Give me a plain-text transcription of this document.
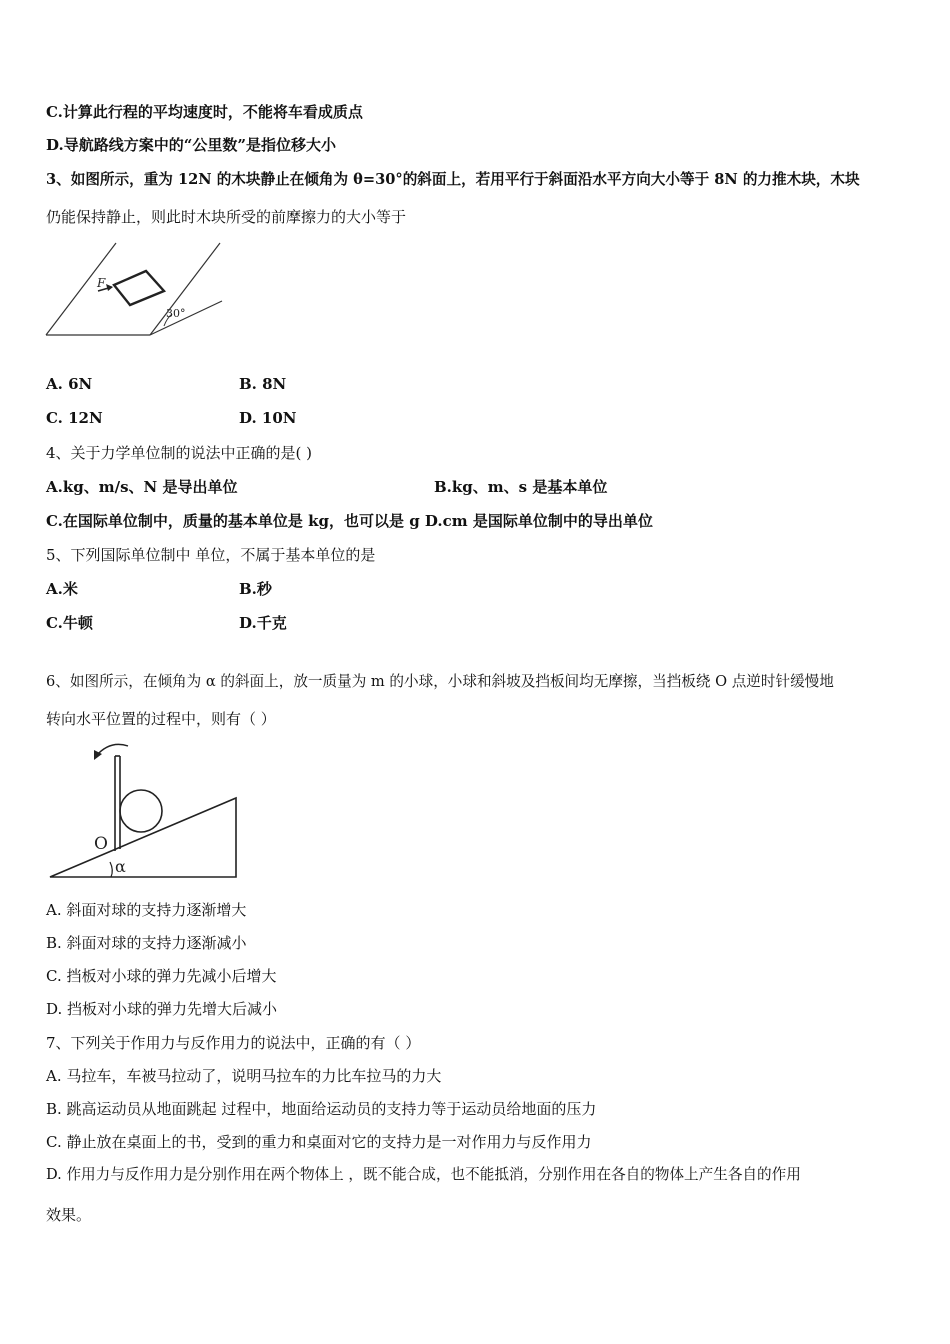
C.计算此行程的平均速度时，不能将车看成质点
D.导航路线方案中的“公里数”是指位移大小
3、如图所示，重为 12N 的木块静止在倾角为 θ=30°的斜面上，若用平行于斜面沿水平方向大小等于 8N 的力推木块，木块
仍能保持静止，则此时木块所受的前摩擦力的大小等于
F
30°
A. 6N	B. 8N
C. 12N	D. 10N
4、关于力学单位制的说法中正确的是( )
A.kg、m/s、N 是导出单位	B.kg、m、s 是基本单位
C.在国际单位制中，质量的基本单位是 kg，也可以是 g D.cm 是国际单位制中的导出单位
5、下列国际单位制中 单位，不属于基本单位的是
A.米	B.秒
C.牛顿	D.千克
6、如图所示，在倾角为 α 的斜面上，放一质量为 m 的小球，小球和斜坡及挡板间均无摩擦，当挡板绕 O 点逆时针缓慢地
转向水平位置的过程中，则有（ ）
O
α
A. 斜面对球的支持力逐渐增大
B. 斜面对球的支持力逐渐减小
C. 挡板对小球的弹力先减小后增大
D. 挡板对小球的弹力先增大后减小
7、下列关于作用力与反作用力的说法中，正确的有（ ）
A. 马拉车，车被马拉动了，说明马拉车的力比车拉马的力大
B. 跳高运动员从地面跳起 过程中，地面给运动员的支持力等于运动员给地面的压力
C. 静止放在桌面上的书，受到的重力和桌面对它的支持力是一对作用力与反作用力
D. 作用力与反作用力是分别作用在两个物体上 ，既不能合成，也不能抵消，分别作用在各自的物体上产生各自的作用
效果。
